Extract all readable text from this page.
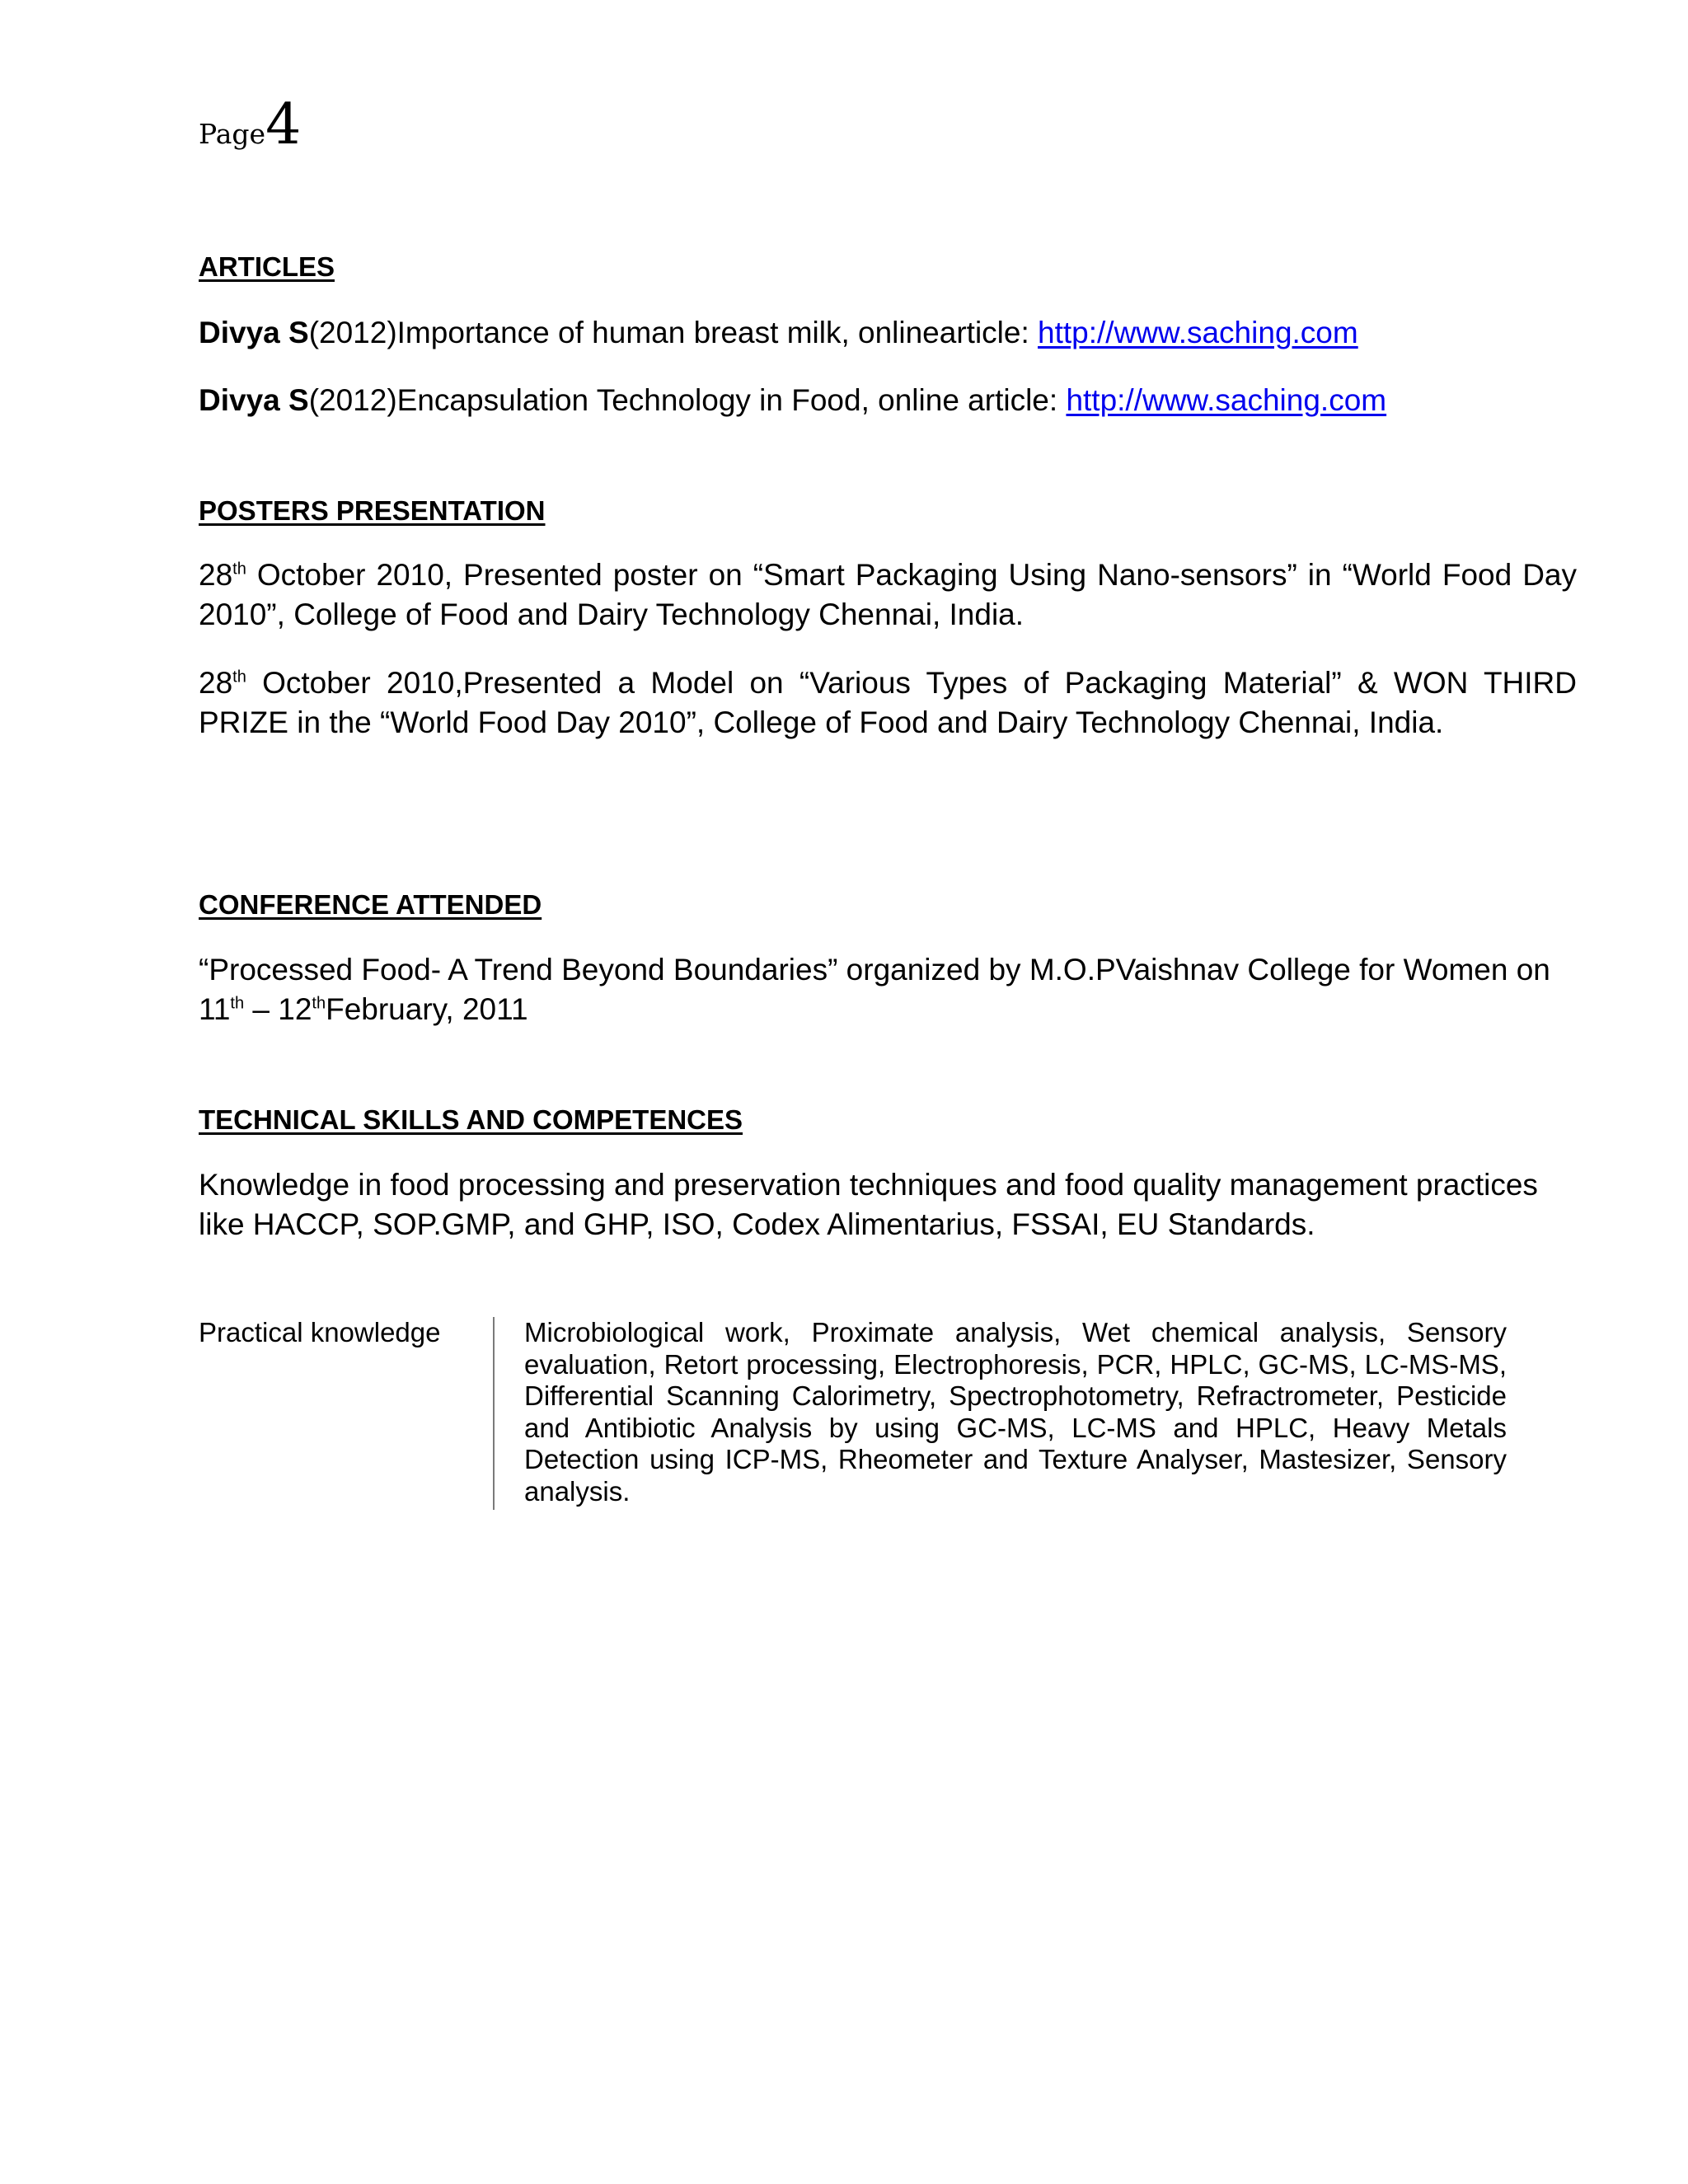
Page4
ARTICLES

Divya S(2012)Importance of human breast milk, onlinearticle: http://www.saching.com

Divya S(2012)Encapsulation Technology in Food, online article: http://www.saching.com

POSTERS PRESENTATION

28th October 2010, Presented poster on “Smart Packaging Using Nano-sensors” in “World Food Day 2010”, College of Food and Dairy Technology Chennai, India.

28th October 2010,Presented a Model on “Various Types of Packaging Material” & WON THIRD PRIZE in the “World Food Day 2010”, College of Food and Dairy Technology Chennai, India.

CONFERENCE ATTENDED

“Processed Food- A Trend Beyond Boundaries” organized by M.O.PVaishnav College for Women on
11th – 12thFebruary, 2011

TECHNICAL SKILLS AND COMPETENCES

Knowledge in food processing and preservation techniques and food quality management practices like HACCP, SOP.GMP, and GHP, ISO, Codex Alimentarius, FSSAI, EU Standards.

Practical knowledge	Microbiological work, Proximate analysis, Wet chemical analysis, Sensory evaluation, Retort processing, Electrophoresis, PCR, HPLC, GC-MS, LC-MS-MS, Differential Scanning Calorimetry, Spectrophotometry, Refractrometer, Pesticide and Antibiotic Analysis by using GC-MS, LC-MS and HPLC, Heavy Metals Detection using ICP-MS, Rheometer and Texture Analyser, Mastesizer, Sensory analysis.
